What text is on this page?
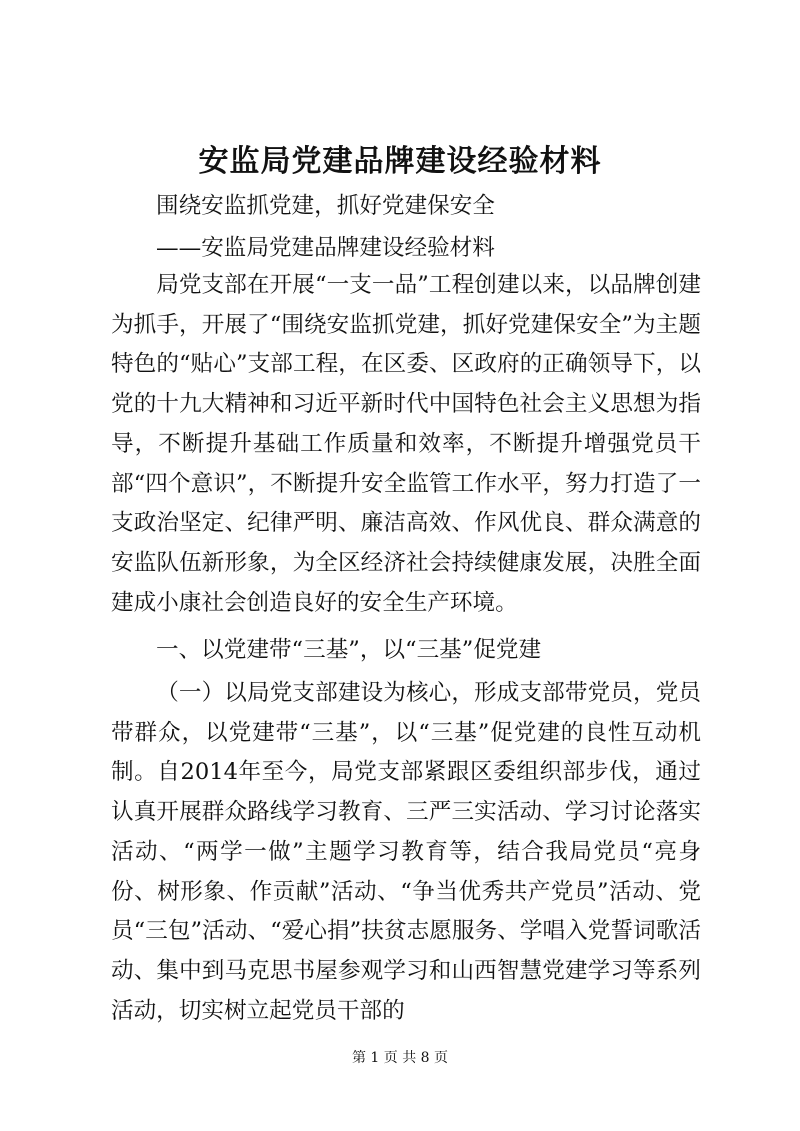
安监局党建品牌建设经验材料
围绕安监抓党建，抓好党建保安全
——安监局党建品牌建设经验材料

局党支部在开展“一支一品”工程创建以来，以品牌创建为抓手，开展了“围绕安监抓党建，抓好党建保安全”为主题特色的“贴心”支部工程，在区委、区政府的正确领导下，以党的十九大精神和习近平新时代中国特色社会主义思想为指导，不断提升基础工作质量和效率，不断提升增强党员干部“四个意识”，不断提升安全监管工作水平，努力打造了一支政治坚定、纪律严明、廉洁高效、作风优良、群众满意的安监队伍新形象，为全区经济社会持续健康发展，决胜全面建成小康社会创造良好的安全生产环境。

一、以党建带“三基”，以“三基”促党建

（一）以局党支部建设为核心，形成支部带党员，党员带群众，以党建带“三基”，以“三基”促党建的良性互动机制。自2014年至今，局党支部紧跟区委组织部步伐，通过认真开展群众路线学习教育、三严三实活动、学习讨论落实活动、“两学一做”主题学习教育等，结合我局党员“亮身份、树形象、作贡献”活动、“争当优秀共产党员”活动、党员“三包”活动、“爱心捐”扶贫志愿服务、学唱入党誓词歌活动、集中到马克思书屋参观学习和山西智慧党建学习等系列活动，切实树立起党员干部的

第 1 页 共 8 页
